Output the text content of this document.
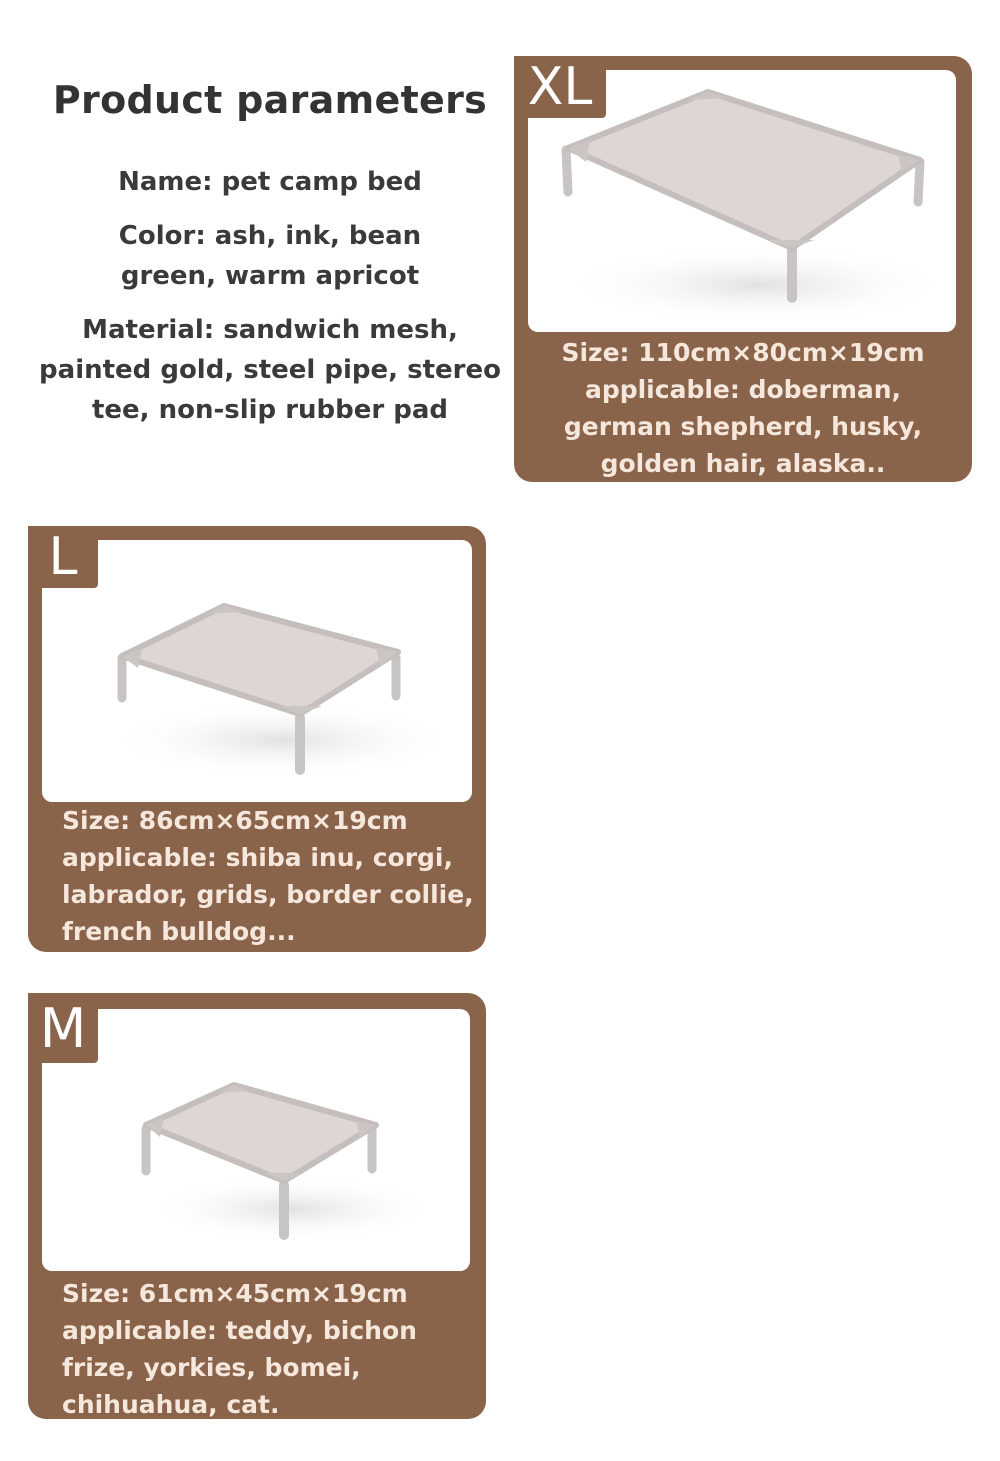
Product parameters

Name: pet camp bed

Color: ash, ink, bean
green, warm apricot

Material: sandwich mesh,
painted gold, steel pipe, stereo
tee, non-slip rubber pad

XL
Size: 110cm×80cm×19cm
applicable: doberman,
german shepherd, husky,
golden hair, alaska..
L
Size: 86cm×65cm×19cm
applicable: shiba inu, corgi,
labrador, grids, border collie,
french bulldog...
M
Size: 61cm×45cm×19cm
applicable: teddy, bichon
frize, yorkies, bomei,
chihuahua, cat.
